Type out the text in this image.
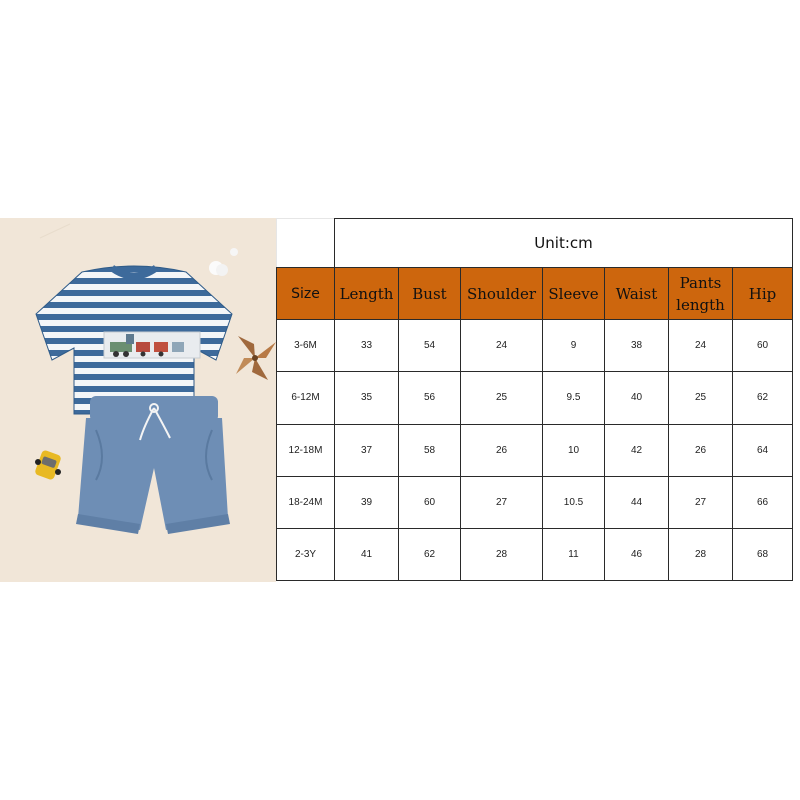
	Unit:cm						
Size	Length	Bust	Shoulder	Sleeve	Waist	Pants length	Hip
3-6M	33	54	24	9	38	24	60
6-12M	35	56	25	9.5	40	25	62
12-18M	37	58	26	10	42	26	64
18-24M	39	60	27	10.5	44	27	66
2-3Y	41	62	28	11	46	28	68
